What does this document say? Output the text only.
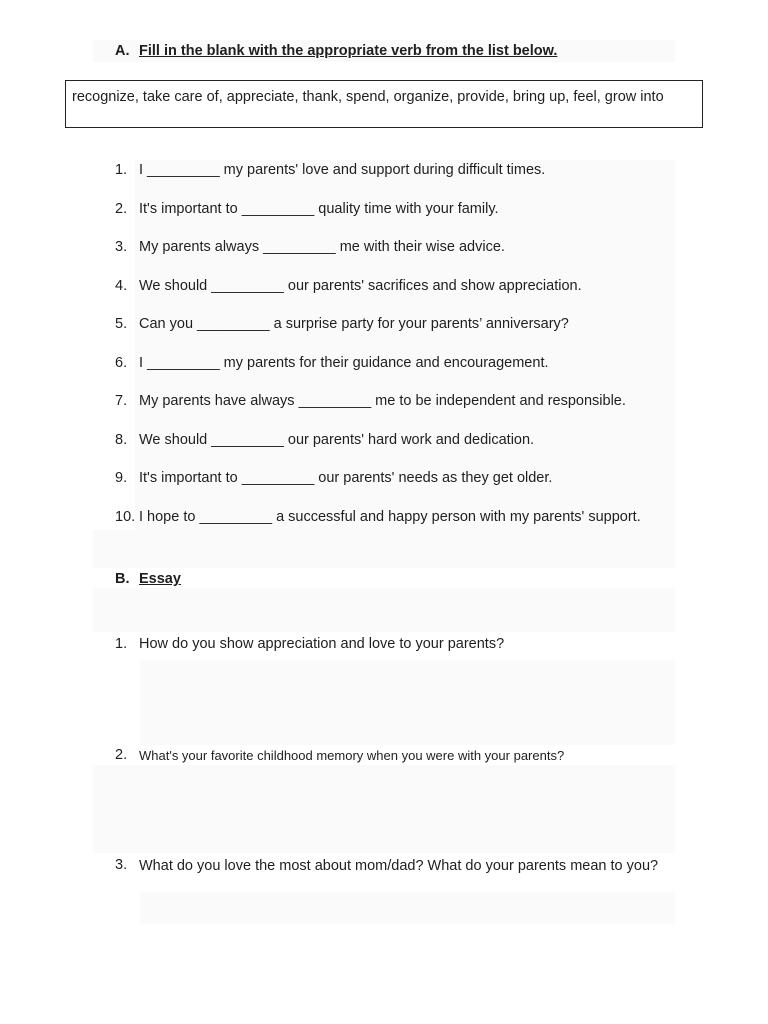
A. Fill in the blank with the appropriate verb from the list below.
recognize, take care of, appreciate, thank, spend, organize, provide, bring up, feel, grow into
1. I _________ my parents' love and support during difficult times.
2. It's important to _________ quality time with your family.
3. My parents always _________ me with their wise advice.
4. We should _________ our parents' sacrifices and show appreciation.
5. Can you _________ a surprise party for your parents’ anniversary?
6. I _________ my parents for their guidance and encouragement.
7. My parents have always _________ me to be independent and responsible.
8. We should _________ our parents' hard work and dedication.
9. It's important to _________ our parents' needs as they get older.
10. I hope to _________ a successful and happy person with my parents' support.
B. Essay
1. How do you show appreciation and love to your parents?
2. What's your favorite childhood memory when you were with your parents?
3. What do you love the most about mom/dad? What do your parents mean to you?
